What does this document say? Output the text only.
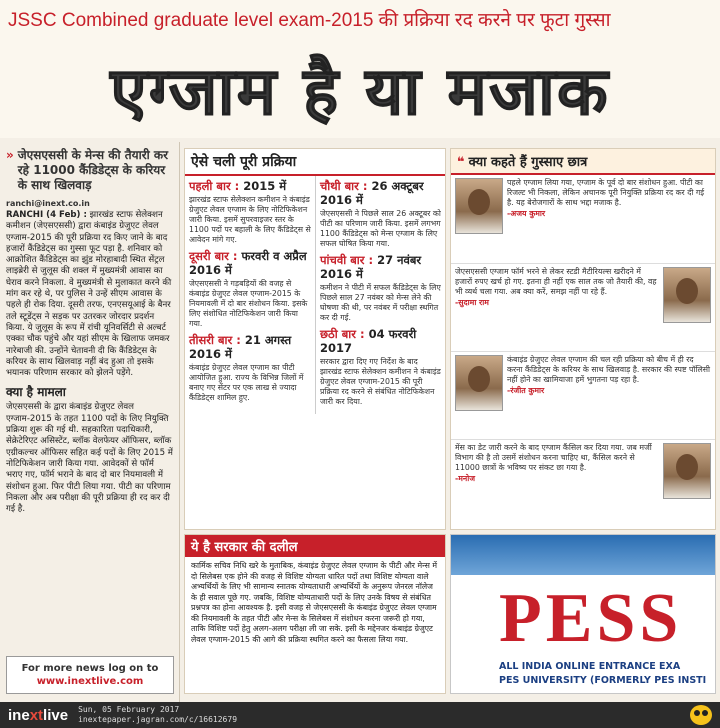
JSSC Combined graduate level exam-2015 की प्रक्रिया रद करने पर फूटा गुस्सा
एग्जाम है या मजाक
» जेएसएससी के मेन्स की तैयारी कर रहे 11000 कैंडिडेट्स के करियर के साथ खिलवाड़
ranchi@inext.co.in
RANCHI (4 Feb) : झारखंड स्टाफ सेलेक्शन कमीशन (जेएसएससी) द्वारा कंबाइंड ग्रेजुएट लेवल एग्जाम-2015 की पूरी प्रक्रिया रद किए जाने के बाद हजारों कैंडिडेट्स का गुस्सा फूट पड़ा है. शनिवार को आक्रोशित कैंडिडेट्स का झुंड मोरहाबादी स्थित सेंट्रल लाइब्रेरी से जुलूस की शक्ल में मुख्यमंत्री आवास का घेराव करने निकला. वे मुख्यमंत्री से मुलाकात करने की मांग कर रहे थे, पर पुलिस ने उन्हें सीएम आवास के पहले ही रोक दिया. दूसरी तरफ, एनएसयूआई के बैनर तले स्टूडेंट्स ने सड़क पर उतरकर जोरदार प्रदर्शन किया. ये जुलूस के रूप में रांची यूनिवर्सिटी से अल्बर्ट एक्का चौक पहुंचे और यहां सीएम के खिलाफ जमकर नारेबाजी की. उन्होंने चेतावनी दी कि कैंडिडेट्स के करियर के साथ खिलवाड़ नहीं बंद हुआ तो इसके भयानक परिणाम सरकार को झेलने पड़ेंगे.
क्या है मामला
जेएसएससी के द्वारा कंबाइंड ग्रेजुएट लेवल एग्जाम-2015 के तहत 1100 पदों के लिए नियुक्ति प्रक्रिया शुरू की गई थी. सहकारिता पदाधिकारी, सेक्रेटेरिएट असिस्टेंट, ब्लॉक वेलफेयर ऑफिसर, ब्लॉक एग्रीकल्चर ऑफिसर सहित कई पदों के लिए 2015 में नोटिफिकेशन जारी किया गया. आवेदकों से फॉर्म भराए गए, फॉर्म भराने के बाद दो बार नियमावली में संशोधन हुआ. फिर पीटी लिया गया. पीटी का परिणाम निकला और अब परीक्षा की पूरी प्रक्रिया ही रद कर दी गई है.
For more news log on to
www.inextlive.com
ऐसे चली पूरी प्रक्रिया
पहली बार : 2015 में
झारखंड स्टाफ सेलेक्शन कमीशन ने कंबाइंड ग्रेजुएट लेवल एग्जाम के लिए नोटिफिकेशन जारी किया. इसमें सुपरवाइजर स्तर के 1100 पदों पर बहाली के लिए कैंडिडेट्स से आवेदन मांगे गए.
दूसरी बार : फरवरी व अप्रैल 2016 में
जेएसएससी ने गड़बड़ियों की वजह से कंबाइंड ग्रेजुएट लेवल एग्जाम-2015 के नियमावली में दो बार संशोधन किया. इसके लिए संशोधित नोटिफिकेशन जारी किया गया.
तीसरी बार : 21 अगस्त 2016 में
कंबाइंड ग्रेजुएट लेवल एग्जाम का पीटी आयोजित हुआ. राज्य के विभिन्न जिलों में बनाए गए सेंटर पर एक लाख से ज्यादा कैंडिडेट्स शामिल हुए.
चौथी बार : 26 अक्टूबर 2016 में
जेएसएससी ने पिछले साल 26 अक्टूबर को पीटी का परिणाम जारी किया. इसमें लगभग 1100 कैंडिडेट्स को मेन्स एग्जाम के लिए सफल घोषित किया गया.
पांचवी बार : 27 नवंबर 2016 में
कमीशन ने पीटी में सफल कैंडिडेट्स के लिए पिछले साल 27 नवंबर को मेन्स लेने की घोषणा की थी, पर नवंबर में परीक्षा स्थगित कर दी गई.
छठी बार : 04 फरवरी 2017
सरकार द्वारा दिए गए निर्देश के बाद झारखंड स्टाफ सेलेक्शन कमीशन ने कंबाइंड ग्रेजुएट लेवल एग्जाम-2015 की पूरी प्रक्रिया रद करने से संबंधित नोटिफिकेशन जारी कर दिया.
❝ क्या कहते हैं गुस्साए छात्र
पहले एग्जाम लिया गया, एग्जाम के पूर्व दो बार संशोधन हुआ. पीटी का रिजल्ट भी निकला, लेकिन अचानक पूरी नियुक्ति प्रक्रिया रद कर दी गई है. यह बेरोजगारों के साथ भद्दा मजाक है.
-अजय कुमार
जेएसएससी एग्जाम फॉर्म भरने से लेकर स्टडी मैटीरियल्स खरीदने में हजारों रुपए खर्च हो गए. इतना ही नहीं एक साल तक जो तैयारी की, वह भी व्यर्थ चला गया. अब क्या करें, समझ नहीं पा रहे हैं.
-सुदामा राम
कंबाइंड ग्रेजुएट लेवल एग्जाम की चल रही प्रक्रिया को बीच में ही रद करना कैंडिडेट्स के करियर के साथ खिलवाड़ है. सरकार की स्पष्ट पॉलिसी नहीं होने का खामियाजा हमें भुगतना पड़ रहा है.
-रंजीत कुमार
मेंस का डेट जारी करने के बाद एग्जाम कैंसिल कर दिया गया. जब मर्जी विभाग की है तो उसमें संशोधन करना चाहिए था, कैंसिल करने से 11000 छात्रों के भविष्य पर संकट छा गया है.
-मनोज
ये है सरकार की दलील
कार्मिक सचिव निधि खरे के मुताबिक, कंबाइंड ग्रेजुएट लेवल एग्जाम के पीटी और मेन्स में दो सिलेबस एक होने की वजह से विशिष्ट योग्यता धारित पदों तथा विशिष्ट योग्यता वाले अभ्यर्थियों के लिए भी सामान्य स्नातक योग्यताधारी अभ्यर्थियों के अनुरूप जेनरल नॉलेज के ही सवाल पूछे गए. जबकि, विशिष्ट योग्यताधारी पदों के लिए उनके विषय से संबंधित प्रश्नपत्र का होना आवश्यक है. इसी वजह से जेएसएससी के कंबाइंड ग्रेजुएट लेवल एग्जाम की नियमावली के तहत पीटी और मेन्स के सिलेबस में संशोधन करना जरूरी हो गया, ताकि विशिष्ट पदों हेतु अलग-अलग परीक्षा ली जा सके. इसी के मद्देनजर कंबाइंड ग्रेजुएट लेवल एग्जाम-2015 की आगे की प्रक्रिया स्थगित करने का फैसला लिया गया.	PESS
ALL INDIA ONLINE ENTRANCE EXA
PES UNIVERSITY (FORMERLY PES INSTI
inextlive Sun, 05 February 2017
inextepaper.jagran.com/c/16612679
